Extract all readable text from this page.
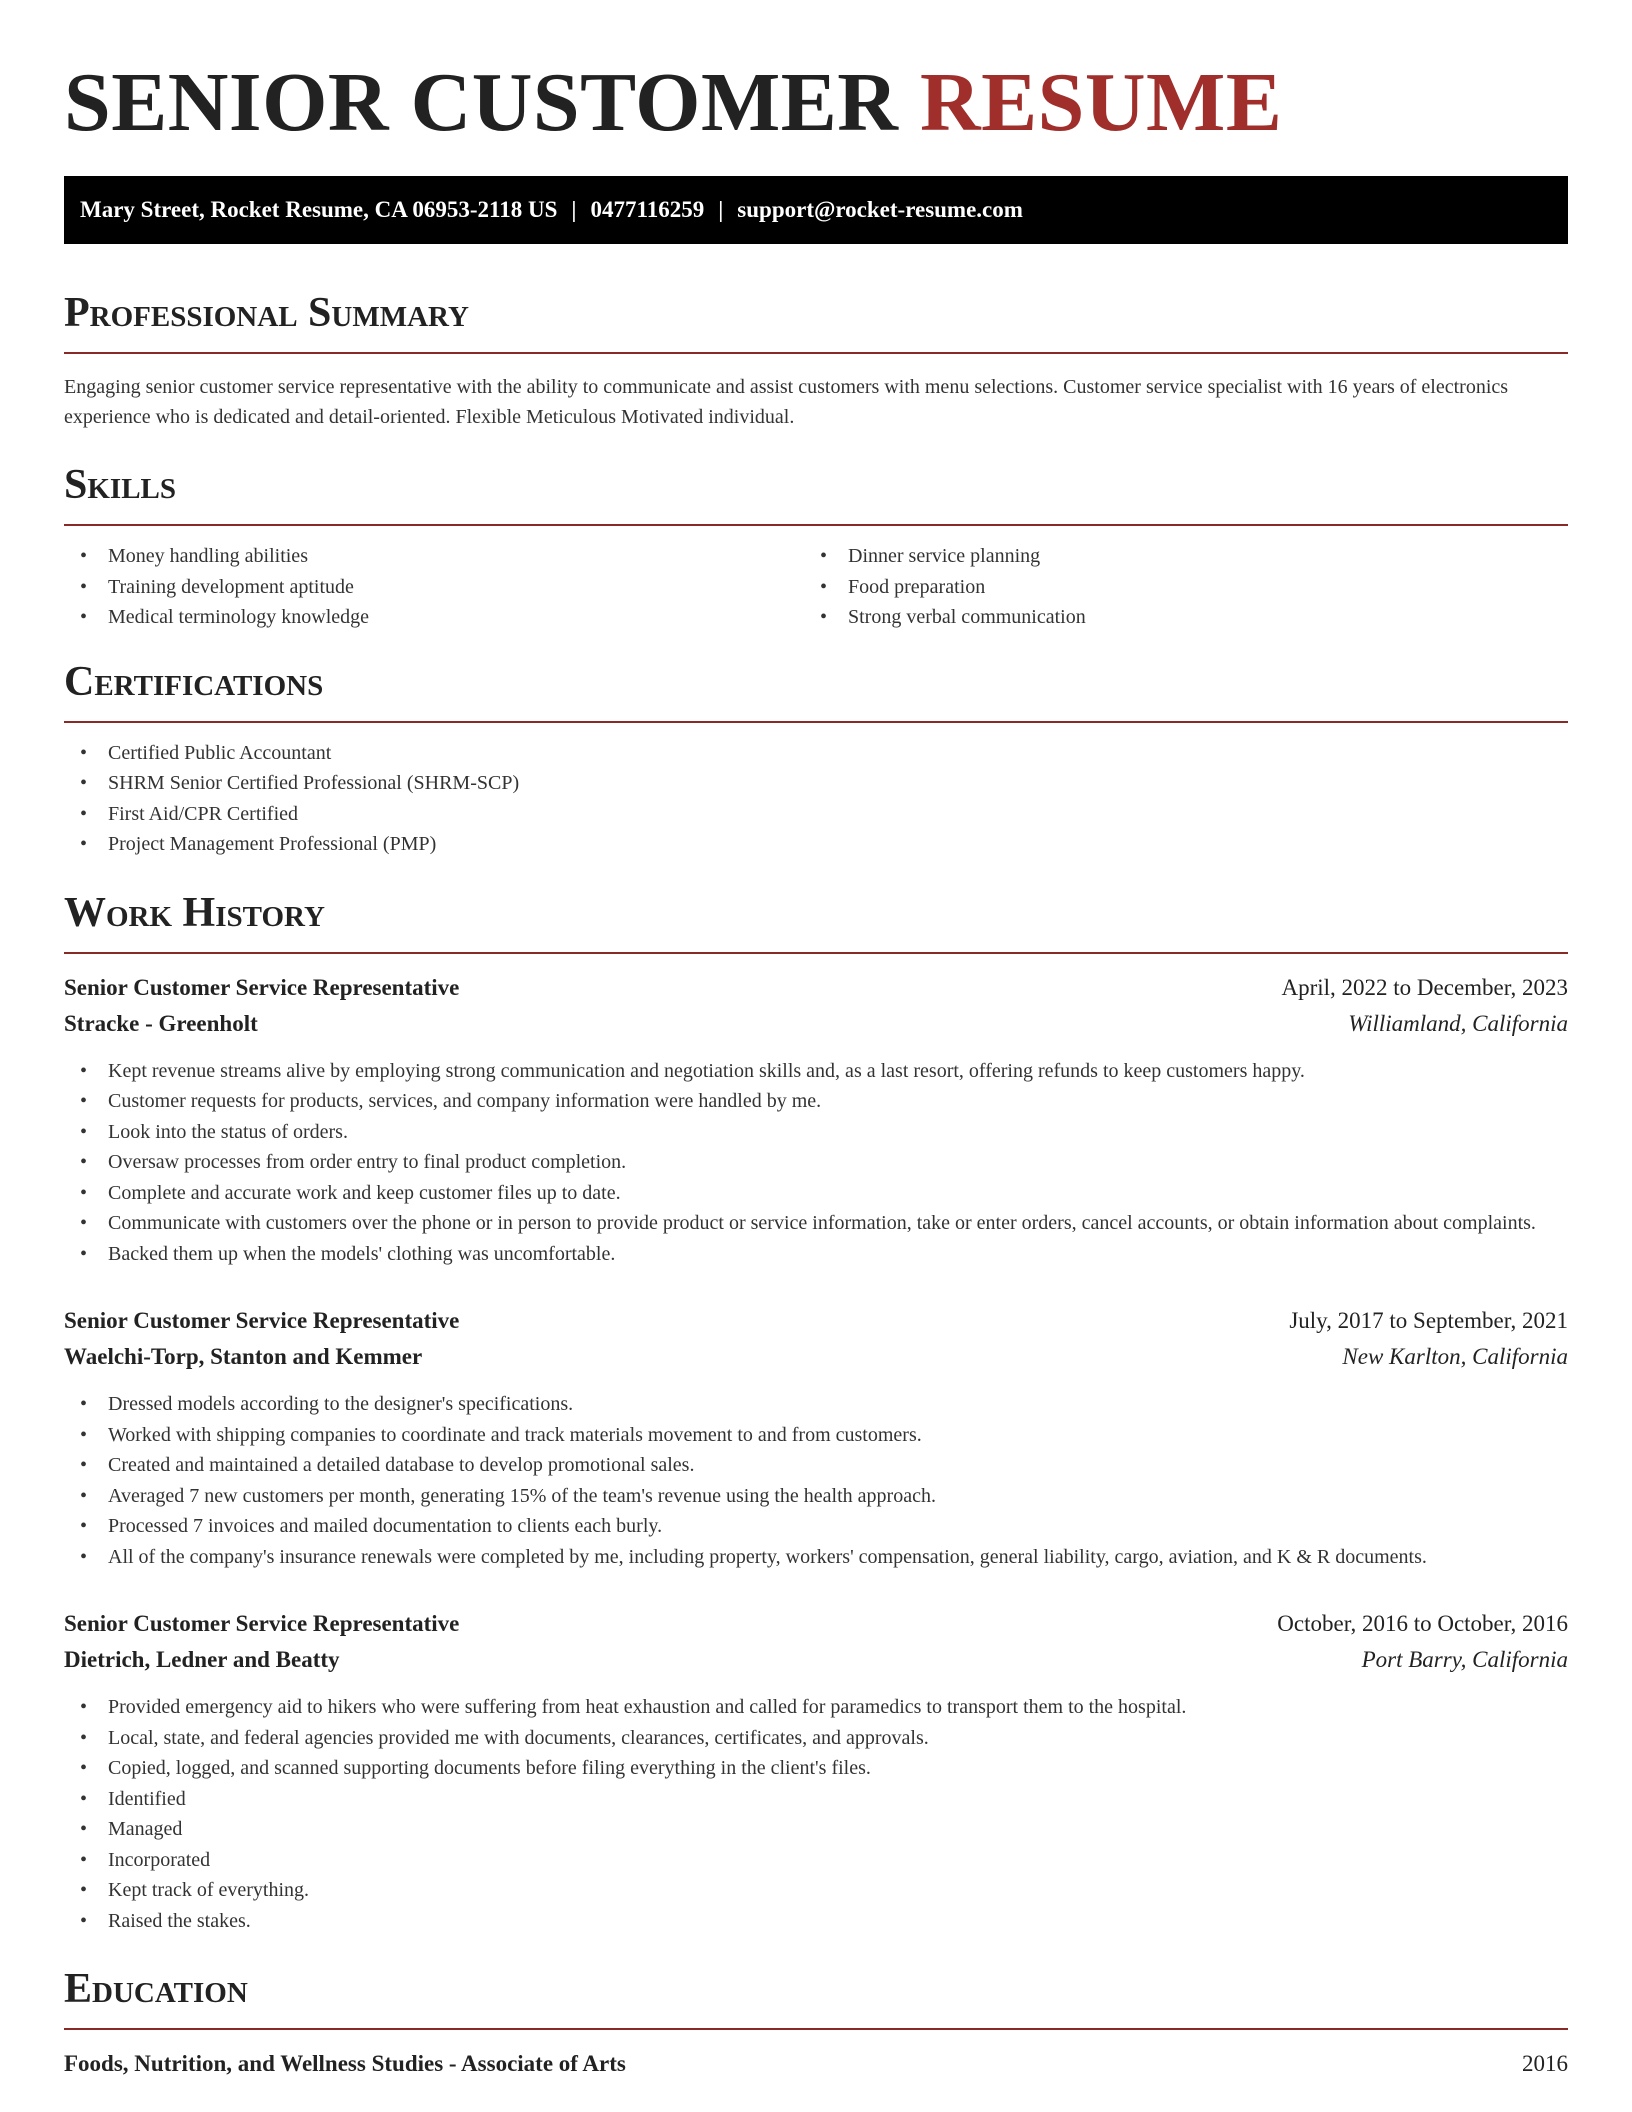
SENIOR CUSTOMER RESUME
Mary Street, Rocket Resume, CA 06953-2118 US | 0477116259 | support@rocket-resume.com
Professional Summary

Engaging senior customer service representative with the ability to communicate and assist customers with menu selections. Customer service specialist with 16 years of electronics experience who is dedicated and detail-oriented. Flexible Meticulous Motivated individual.

Skills
• Money handling abilities
• Training development aptitude
• Medical terminology knowledge
• Dinner service planning
• Food preparation
• Strong verbal communication
Certifications
• Certified Public Accountant
• SHRM Senior Certified Professional (SHRM-SCP)
• First Aid/CPR Certified
• Project Management Professional (PMP)
Work History
Senior Customer Service Representative	April, 2022 to December, 2023
Stracke - Greenholt	Williamland, California
• Kept revenue streams alive by employing strong communication and negotiation skills and, as a last resort, offering refunds to keep customers happy.
• Customer requests for products, services, and company information were handled by me.
• Look into the status of orders.
• Oversaw processes from order entry to final product completion.
• Complete and accurate work and keep customer files up to date.
• Communicate with customers over the phone or in person to provide product or service information, take or enter orders, cancel accounts, or obtain information about complaints.
• Backed them up when the models' clothing was uncomfortable.
Senior Customer Service Representative	July, 2017 to September, 2021
Waelchi-Torp, Stanton and Kemmer	New Karlton, California
• Dressed models according to the designer's specifications.
• Worked with shipping companies to coordinate and track materials movement to and from customers.
• Created and maintained a detailed database to develop promotional sales.
• Averaged 7 new customers per month, generating 15% of the team's revenue using the health approach.
• Processed 7 invoices and mailed documentation to clients each burly.
• All of the company's insurance renewals were completed by me, including property, workers' compensation, general liability, cargo, aviation, and K & R documents.
Senior Customer Service Representative	October, 2016 to October, 2016
Dietrich, Ledner and Beatty	Port Barry, California
• Provided emergency aid to hikers who were suffering from heat exhaustion and called for paramedics to transport them to the hospital.
• Local, state, and federal agencies provided me with documents, clearances, certificates, and approvals.
• Copied, logged, and scanned supporting documents before filing everything in the client's files.
• Identified
• Managed
• Incorporated
• Kept track of everything.
• Raised the stakes.
Education
Foods, Nutrition, and Wellness Studies - Associate of Arts	2016
